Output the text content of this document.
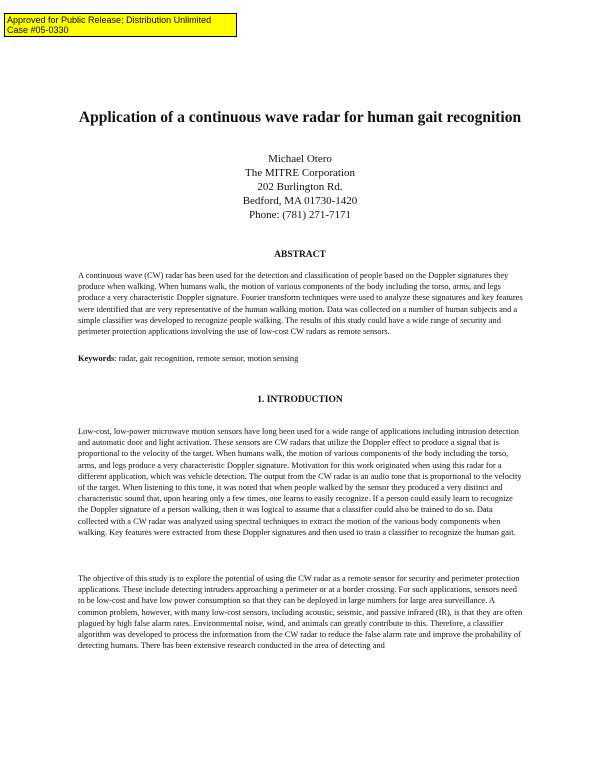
Approved for Public Release; Distribution Unlimited
Case #05-0330
Application of a continuous wave radar for human gait recognition
Michael Otero
The MITRE Corporation
202 Burlington Rd.
Bedford, MA 01730-1420
Phone: (781) 271-7171
ABSTRACT

A continuous wave (CW) radar has been used for the detection and classification of people based on the Doppler signatures they produce when walking. When humans walk, the motion of various components of the body including the torso, arms, and legs produce a very characteristic Doppler signature. Fourier transform techniques were used to analyze these signatures and key features were identified that are very representative of the human walking motion. Data was collected on a number of human subjects and a simple classifier was developed to recognize people walking. The results of this study could have a wide range of security and perimeter protection applications involving the use of low-cost CW radars as remote sensors.

Keywords: radar, gait recognition, remote sensor, motion sensing

1. INTRODUCTION

Low-cost, low-power microwave motion sensors have long been used for a wide range of applications including intrusion detection and automatic door and light activation. These sensors are CW radars that utilize the Doppler effect to produce a signal that is proportional to the velocity of the target. When humans walk, the motion of various components of the body including the torso, arms, and legs produce a very characteristic Doppler signature. Motivation for this work originated when using this radar for a different application, which was vehicle detection. The output from the CW radar is an audio tone that is proportional to the velocity of the target. When listening to this tone, it was noted that when people walked by the sensor they produced a very distinct and characteristic sound that, upon hearing only a few times, one learns to easily recognize. If a person could easily learn to recognize the Doppler signature of a person walking, then it was logical to assume that a classifier could also be trained to do so. Data collected with a CW radar was analyzed using spectral techniques to extract the motion of the various body components when walking. Key features were extracted from these Doppler signatures and then used to train a classifier to recognize the human gait.

The objective of this study is to explore the potential of using the CW radar as a remote sensor for security and perimeter protection applications. These include detecting intruders approaching a perimeter or at a border crossing. For such applications, sensors need to be low-cost and have low power consumption so that they can be deployed in large numbers for large area surveillance. A common problem, however, with many low-cost sensors, including acoustic, seismic, and passive infrared (IR), is that they are often plagued by high false alarm rates. Environmental noise, wind, and animals can greatly contribute to this. Therefore, a classifier algorithm was developed to process the information from the CW radar to reduce the false alarm rate and improve the probability of detecting humans. There has been extensive research conducted in the area of detecting and
